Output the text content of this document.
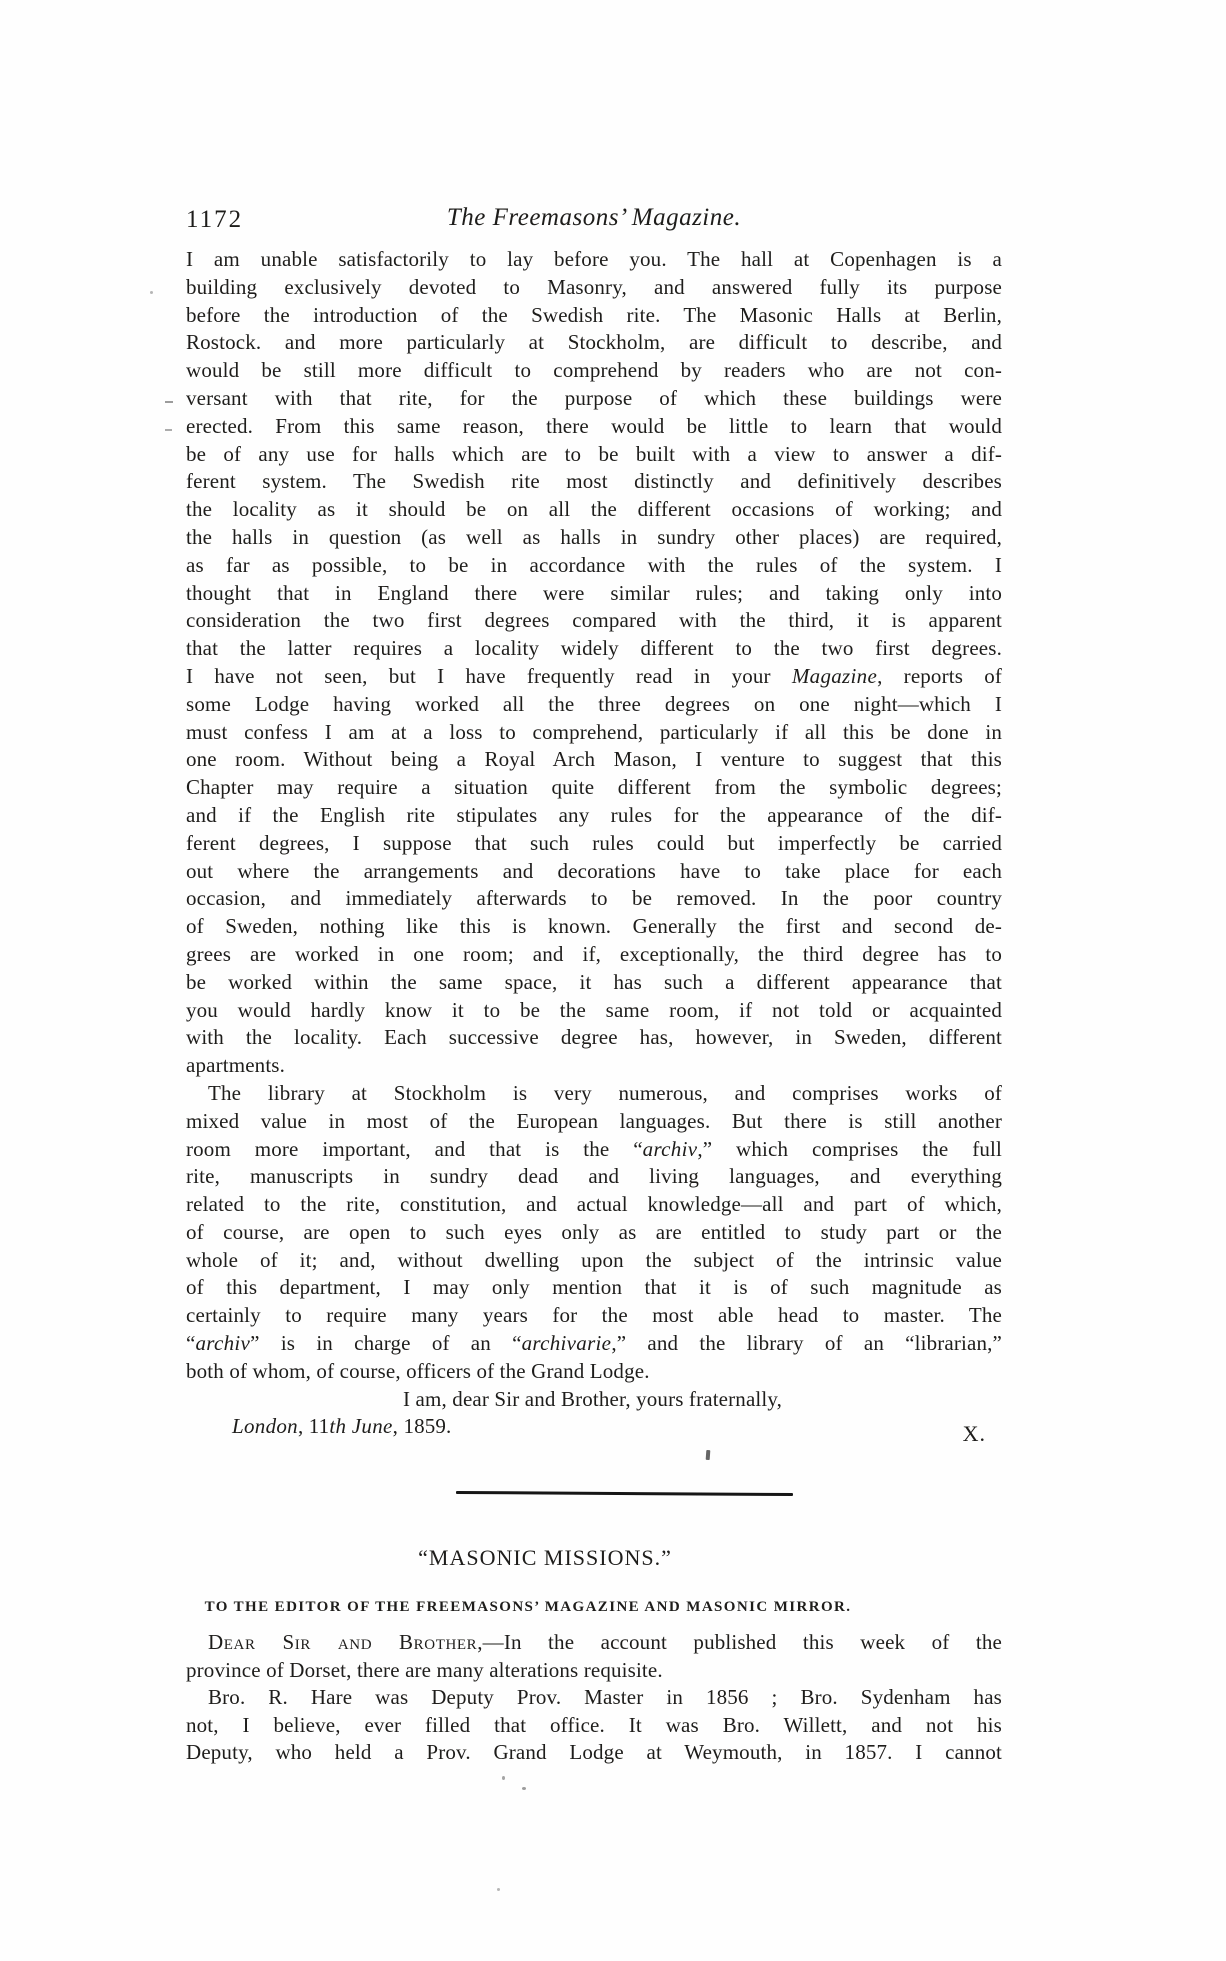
1172	The Freemasons’ Magazine.
I am unable satisfactorily to lay before you. The hall at Copenhagen is a
building exclusively devoted to Masonry, and answered fully its purpose
before the introduction of the Swedish rite. The Masonic Halls at Berlin,
Rostock. and more particularly at Stockholm, are difficult to describe, and
would be still more difficult to comprehend by readers who are not con-
versant with that rite, for the purpose of which these buildings were
erected. From this same reason, there would be little to learn that would
be of any use for halls which are to be built with a view to answer a dif-
ferent system. The Swedish rite most distinctly and definitively describes
the locality as it should be on all the different occasions of working; and
the halls in question (as well as halls in sundry other places) are required,
as far as possible, to be in accordance with the rules of the system. I
thought that in England there were similar rules; and taking only into
consideration the two first degrees compared with the third, it is apparent
that the latter requires a locality widely different to the two first degrees.
I have not seen, but I have frequently read in your Magazine, reports of
some Lodge having worked all the three degrees on one night—which I
must confess I am at a loss to comprehend, particularly if all this be done in
one room. Without being a Royal Arch Mason, I venture to suggest that this
Chapter may require a situation quite different from the symbolic degrees;
and if the English rite stipulates any rules for the appearance of the dif-
ferent degrees, I suppose that such rules could but imperfectly be carried
out where the arrangements and decorations have to take place for each
occasion, and immediately afterwards to be removed. In the poor country
of Sweden, nothing like this is known. Generally the first and second de-
grees are worked in one room; and if, exceptionally, the third degree has to
be worked within the same space, it has such a different appearance that
you would hardly know it to be the same room, if not told or acquainted
with the locality. Each successive degree has, however, in Sweden, different
apartments.
The library at Stockholm is very numerous, and comprises works of
mixed value in most of the European languages. But there is still another
room more important, and that is the “archiv,” which comprises the full
rite, manuscripts in sundry dead and living languages, and everything
related to the rite, constitution, and actual knowledge—all and part of which,
of course, are open to such eyes only as are entitled to study part or the
whole of it; and, without dwelling upon the subject of the intrinsic value
of this department, I may only mention that it is of such magnitude as
certainly to require many years for the most able head to master. The
“archiv” is in charge of an “archivarie,” and the library of an “librarian,”
both of whom, of course, officers of the Grand Lodge.
I am, dear Sir and Brother, yours fraternally,
London, 11th June, 1859.	X.
“MASONIC MISSIONS.”
TO THE EDITOR OF THE FREEMASONS’ MAGAZINE AND MASONIC MIRROR.
Dear Sir and Brother,—In the account published this week of the
province of Dorset, there are many alterations requisite.
Bro. R. Hare was Deputy Prov. Master in 1856 ; Bro. Sydenham has
not, I believe, ever filled that office. It was Bro. Willett, and not his
Deputy, who held a Prov. Grand Lodge at Weymouth, in 1857. I cannot
